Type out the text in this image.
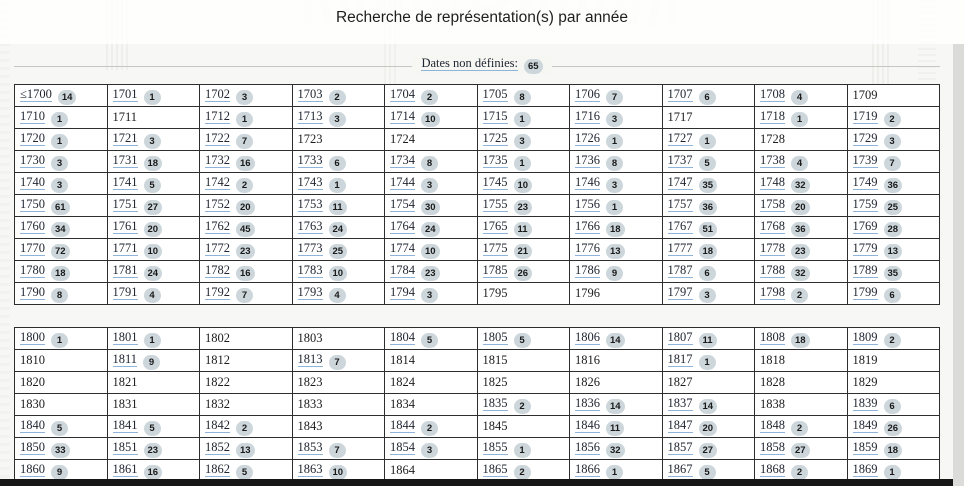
Recherche de représentation(s) par année
Dates non définies: 65
≤1700 14	1701 1	1702 3	1703 2	1704 2	1705 8	1706 7	1707 6	1708 4	1709
1710 1	1711	1712 1	1713 3	1714 10	1715 1	1716 3	1717	1718 1	1719 2
1720 1	1721 3	1722 7	1723	1724	1725 3	1726 1	1727 1	1728	1729 3
1730 3	1731 18	1732 16	1733 6	1734 8	1735 1	1736 8	1737 5	1738 4	1739 7
1740 3	1741 5	1742 2	1743 1	1744 3	1745 10	1746 3	1747 35	1748 32	1749 36
1750 61	1751 27	1752 20	1753 11	1754 30	1755 23	1756 1	1757 36	1758 20	1759 25
1760 34	1761 20	1762 45	1763 24	1764 24	1765 11	1766 18	1767 51	1768 36	1769 28
1770 72	1771 10	1772 23	1773 25	1774 10	1775 21	1776 13	1777 18	1778 23	1779 13
1780 18	1781 24	1782 16	1783 10	1784 23	1785 26	1786 9	1787 6	1788 32	1789 35
1790 8	1791 4	1792 7	1793 4	1794 3	1795	1796	1797 3	1798 2	1799 6
1800 1	1801 1	1802	1803	1804 5	1805 5	1806 14	1807 11	1808 18	1809 2
1810	1811 9	1812	1813 7	1814	1815	1816	1817 1	1818	1819
1820	1821	1822	1823	1824	1825	1826	1827	1828	1829
1830	1831	1832	1833	1834	1835 2	1836 14	1837 14	1838	1839 6
1840 5	1841 5	1842 2	1843	1844 2	1845	1846 11	1847 20	1848 2	1849 26
1850 33	1851 23	1852 13	1853 7	1854 3	1855 1	1856 32	1857 27	1858 27	1859 18
1860 9	1861 16	1862 5	1863 10	1864	1865 2	1866 1	1867 5	1868 2	1869 1
